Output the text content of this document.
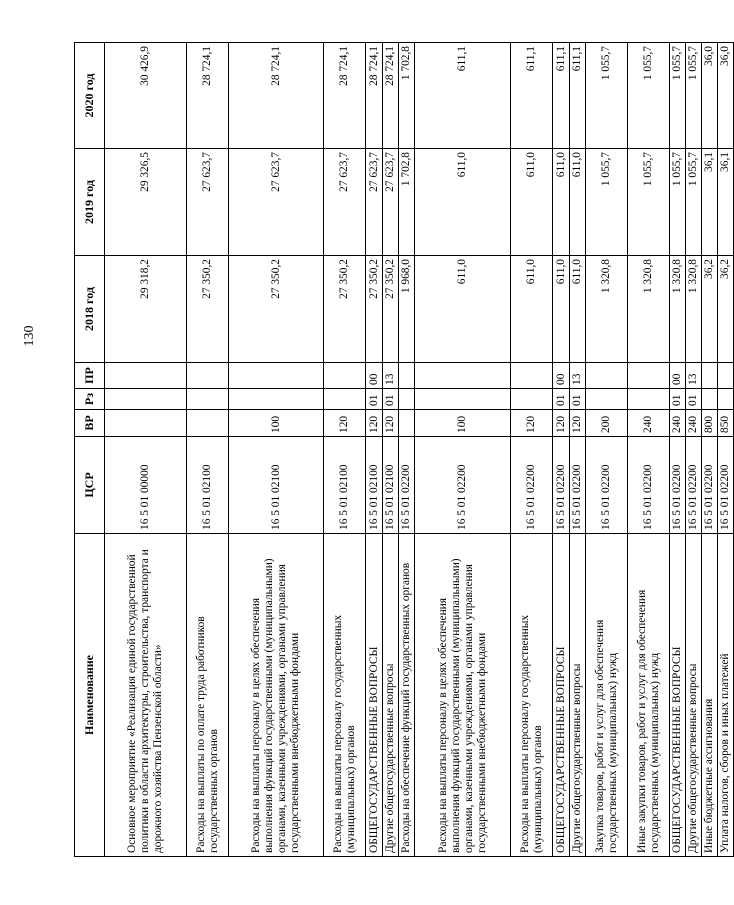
130
Наименование	ЦСР	ВР	Рз	ПР	2018 год	2019 год	2020 год
Основное мероприятие «Реализация единой государственной политики в области архитектуры, строительства, транспорта и дорожного хозяйства Пензенской области»	16 5 01 00000				29 318,2	29 326,5	30 426,9
Расходы на выплаты по оплате труда работников государственных органов	16 5 01 02100				27 350,2	27 623,7	28 724,1
Расходы на выплаты персоналу в целях обеспечения выполнения функций государственными (муниципальными) органами, казенными учреждениями, органами управления государственными внебюджетными фондами	16 5 01 02100	100			27 350,2	27 623,7	28 724,1
Расходы на выплаты персоналу государственных (муниципальных) органов	16 5 01 02100	120			27 350,2	27 623,7	28 724,1
ОБЩЕГОСУДАРСТВЕННЫЕ ВОПРОСЫ	16 5 01 02100	120	01	00	27 350,2	27 623,7	28 724,1
Другие общегосударственные вопросы	16 5 01 02100	120	01	13	27 350,2	27 623,7	28 724,1
Расходы на обеспечение функций государственных органов	16 5 01 02200				1 968,0	1 702,8	1 702,8
Расходы на выплаты персоналу в целях обеспечения выполнения функций государственными (муниципальными) органами, казенными учреждениями, органами управления государственными внебюджетными фондами	16 5 01 02200	100			611,0	611,0	611,1
Расходы на выплаты персоналу государственных (муниципальных) органов	16 5 01 02200	120			611,0	611,0	611,1
ОБЩЕГОСУДАРСТВЕННЫЕ ВОПРОСЫ	16 5 01 02200	120	01	00	611,0	611,0	611,1
Другие общегосударственные вопросы	16 5 01 02200	120	01	13	611,0	611,0	611,1
Закупка товаров, работ и услуг для обеспечения государственных (муниципальных) нужд	16 5 01 02200	200			1 320,8	1 055,7	1 055,7
Иные закупки товаров, работ и услуг для обеспечения государственных (муниципальных) нужд	16 5 01 02200	240			1 320,8	1 055,7	1 055,7
ОБЩЕГОСУДАРСТВЕННЫЕ ВОПРОСЫ	16 5 01 02200	240	01	00	1 320,8	1 055,7	1 055,7
Другие общегосударственные вопросы	16 5 01 02200	240	01	13	1 320,8	1 055,7	1 055,7
Иные бюджетные ассигнования	16 5 01 02200	800			36,2	36,1	36,0
Уплата налогов, сборов и иных платежей	16 5 01 02200	850			36,2	36,1	36,0
